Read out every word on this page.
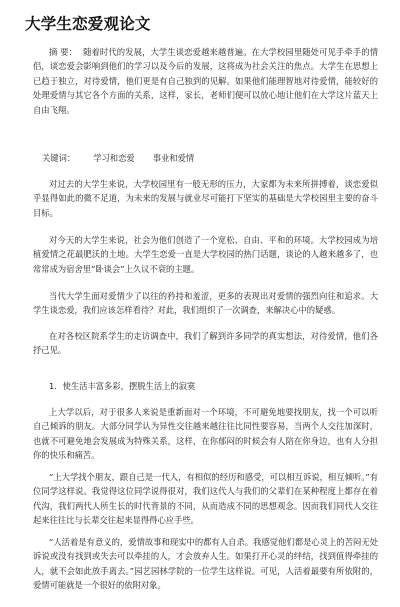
大学生恋爱观论文
摘 要： 随着时代的发展，大学生谈恋爱越来越普遍。在大学校园里随处可见手牵手的情侣，谈恋爱会影响到他们的学习以及今后的发展，这将成为社会关注的焦点。大学生在思想上已趋于独立，对待爱情，他们更是有自己独到的见解。如果他们能理智地对待爱情，能较好的处理爱情与其它各个方面的关系，这样，家长，老师们便可以放心地让他们在大学这片蓝天上自由飞翔。
关键词： 学习和恋爱 事业和爱情
对过去的大学生来说，大学校园里有一般无形的压力，大家都为未来所拼搏着，谈恋爱似乎显得如此的微不足道，为未来的发展与就业尽可能打下坚实的基础是大学校园里主要的奋斗目标。
对今天的大学生来说，社会为他们创造了一个宽松、自由、平和的环境。大学校园成为培植爱情之花最肥沃的土地。大学生恋爱一直是大学校园的热门话题，谈论的人越来越多了，也常常成为宿舍里“卧谈会”上久议不衰的主题。
当代大学生面对爱情少了以往的矜持和羞涩，更多的表现出对爱情的强烈向往和追求。大学生谈恋爱，我们应该怎样看待？对此，我们组织了一次调查，来解决心中的疑惑。
在对各校区院系学生的走访调查中，我们了解到许多同学的真实想法，对待爱情，他们各抒己见。
1．使生活丰富多彩，摆脱生活上的寂寞
上大学以后，对于很多人来说是重新面对一个环境，不可避免地要找朋友，找一个可以听自己倾诉的朋友。大部分同学认为异性交往越来越往往比同性要容易，当两个人交往加深时，也就不可避免地会发展成为特殊关系，这样，在你郁闷的时候会有人陪在你身边，也有人分担你的快乐和痛苦。
“上大学找个朋友，跟自己是一代人，有相似的经历和感受，可以相互诉说，相互倾听。”有位同学这样说。我觉得这位同学说得很对，我们这代人与我们的父辈们在某种程度上都存在着代沟，我们两代人所生长的时代背景的不同，从而造成不同的思想观念。因而我们同代人交往起来往往比与长辈交往起来显得得心应手些。
“人活着是有意义的，爱情故事和现实中的都有人自杀。我感觉他们都是心灵上的苦闷无处诉说或没有找到或失去可以牵挂的人，才会放弃人生。如果打开心灵的绊结，找到值得牵挂的人，就不会如此放手离去。”园艺园林学院的一位学生这样说。可见，人活着最要有所依附的，爱情可能就是一个很好的依附对象。
